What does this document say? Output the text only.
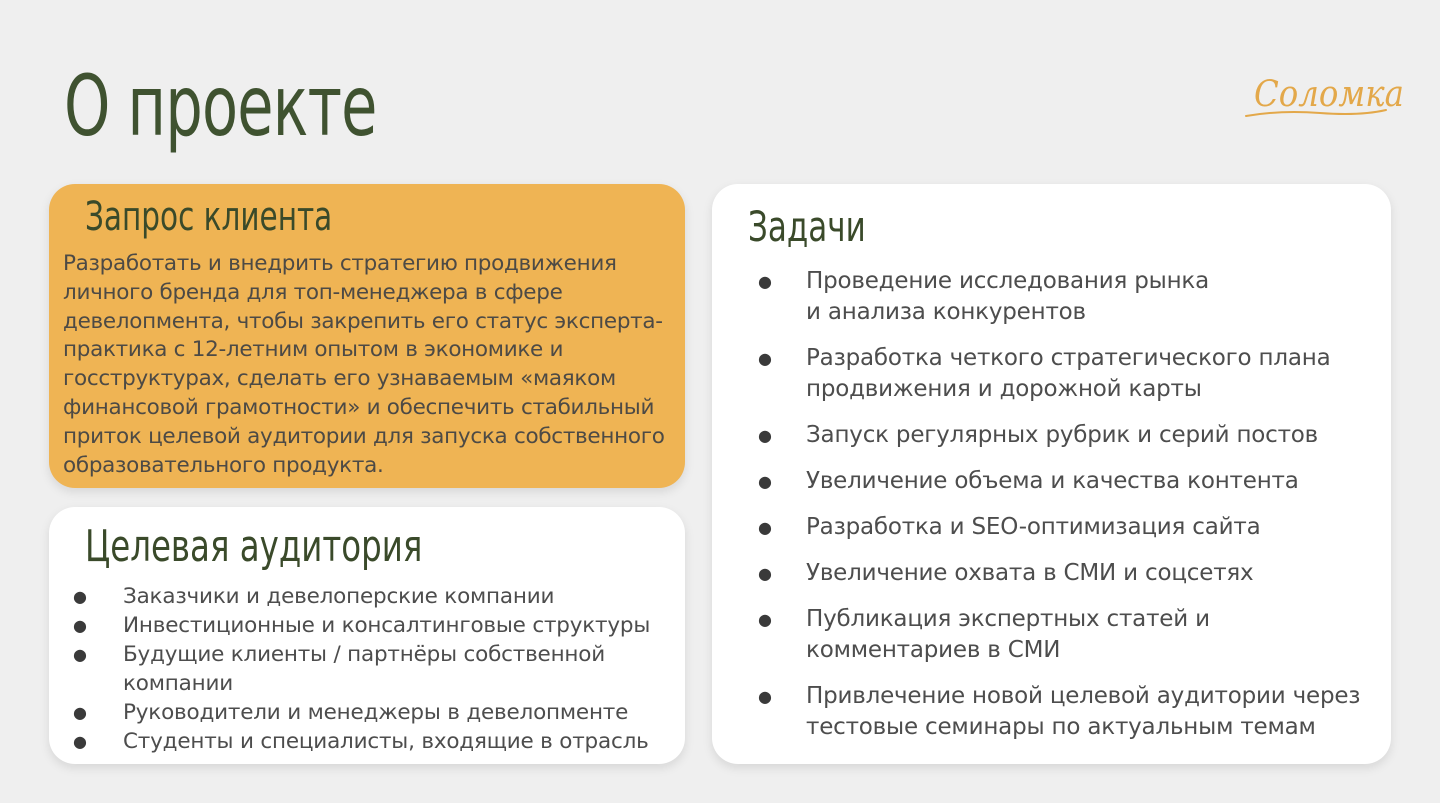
О проекте	Соломка
Запрос клиента

Разработать и внедрить стратегию продвижения личного бренда для топ-менеджера в сфере девелопмента, чтобы закрепить его статус эксперта-практика с 12-летним опытом в экономике и госструктурах, сделать его узнаваемым «маяком финансовой грамотности» и обеспечить стабильный приток целевой аудитории для запуска собственного образовательного продукта.

Целевая аудитория
● Заказчики и девелоперские компании
● Инвестиционные и консалтинговые структуры
● Будущие клиенты / партнёры собственной компании
● Руководители и менеджеры в девелопменте
● Студенты и специалисты, входящие в отрасль
Задачи
● Проведение исследования рынка
и анализа конкурентов
● Разработка четкого стратегического плана
продвижения и дорожной карты
● Запуск регулярных рубрик и серий постов
● Увеличение объема и качества контента
● Разработка и SEO-оптимизация сайта
● Увеличение охвата в СМИ и соцсетях
● Публикация экспертных статей и
комментариев в СМИ
● Привлечение новой целевой аудитории через
тестовые семинары по актуальным темам
